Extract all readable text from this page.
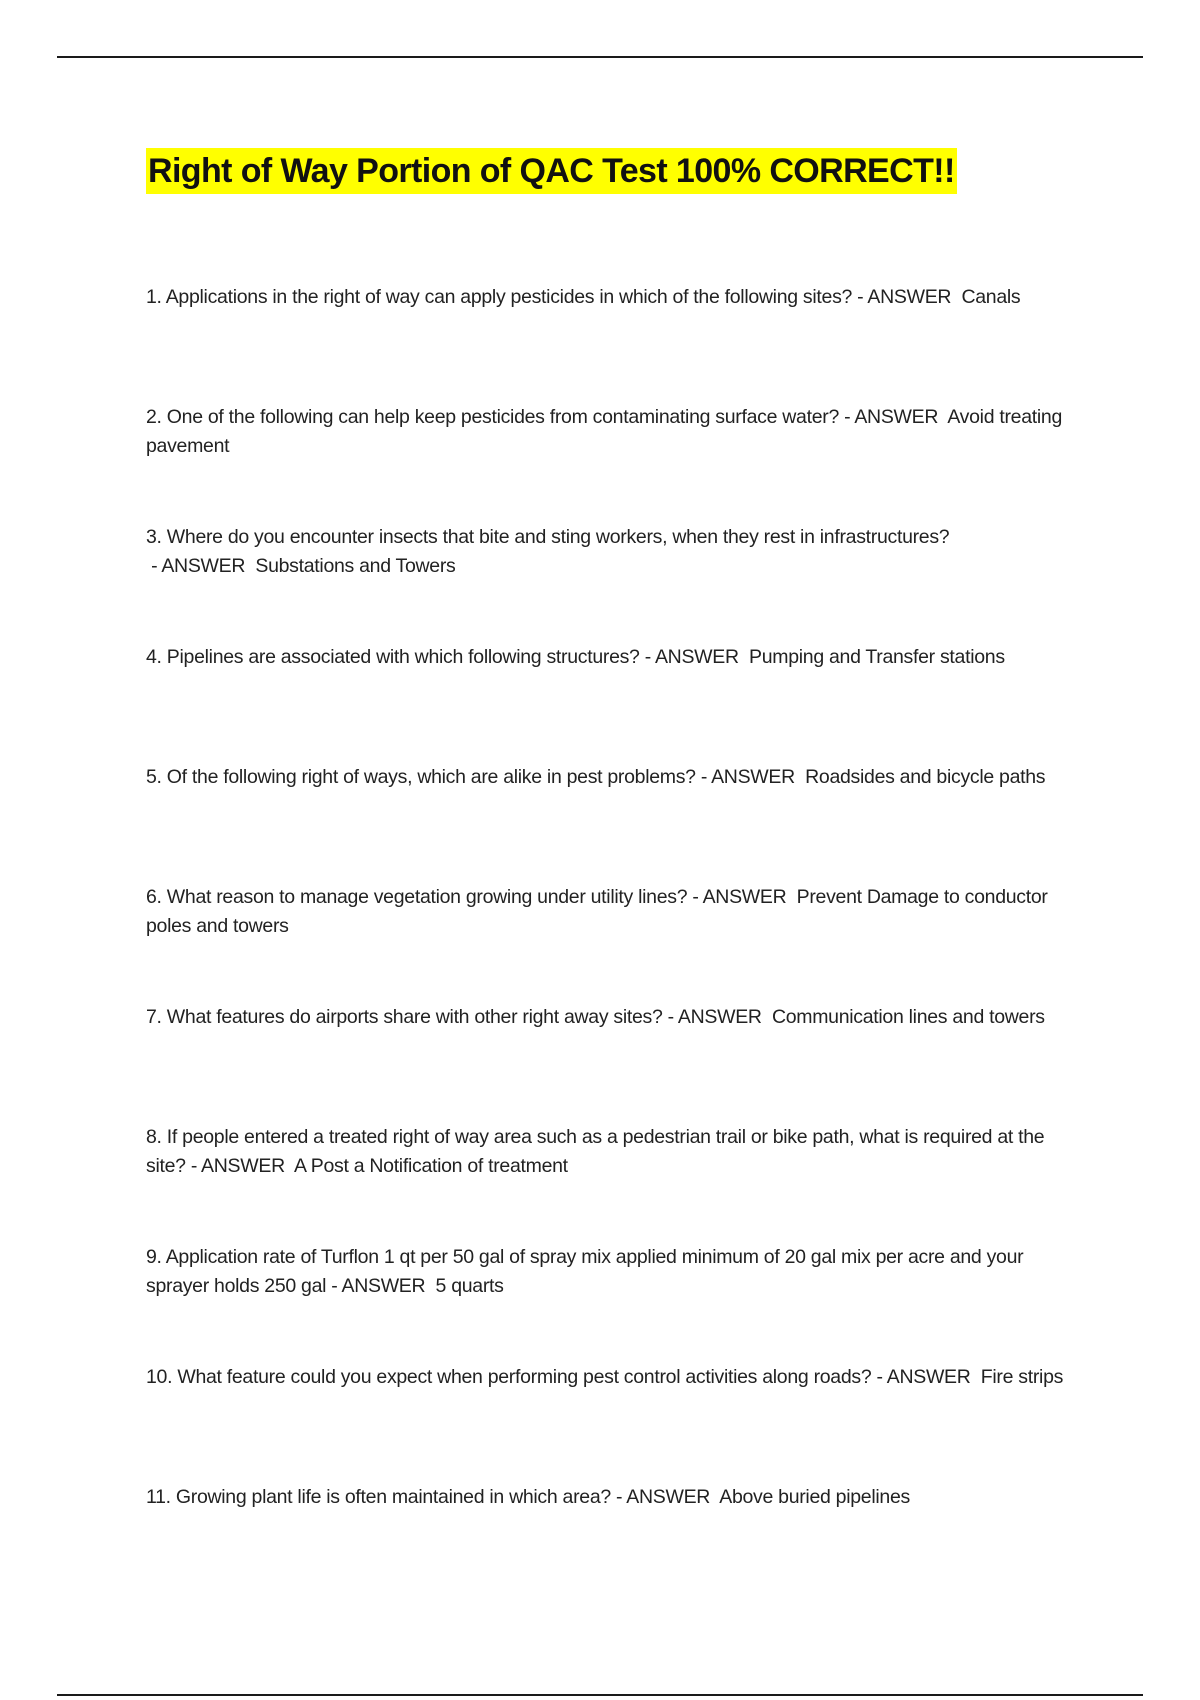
Right of Way Portion of QAC Test 100% CORRECT!!
1. Applications in the right of way can apply pesticides in which of the following sites? - ANSWER  Canals
2. One of the following can help keep pesticides from contaminating surface water? - ANSWER  Avoid treating pavement
3. Where do you encounter insects that bite and sting workers, when they rest in infrastructures? - ANSWER  Substations and Towers
4. Pipelines are associated with which following structures? - ANSWER  Pumping and Transfer stations
5. Of the following right of ways, which are alike in pest problems? - ANSWER  Roadsides and bicycle paths
6. What reason to manage vegetation growing under utility lines? - ANSWER  Prevent Damage to conductor poles and towers
7. What features do airports share with other right away sites? - ANSWER  Communication lines and towers
8. If people entered a treated right of way area such as a pedestrian trail or bike path, what is required at the site? - ANSWER  A Post a Notification of treatment
9. Application rate of Turflon 1 qt per 50 gal of spray mix applied minimum of 20 gal mix per acre and your sprayer holds 250 gal - ANSWER  5 quarts
10. What feature could you expect when performing pest control activities along roads? - ANSWER  Fire strips
11. Growing plant life is often maintained in which area? - ANSWER  Above buried pipelines
